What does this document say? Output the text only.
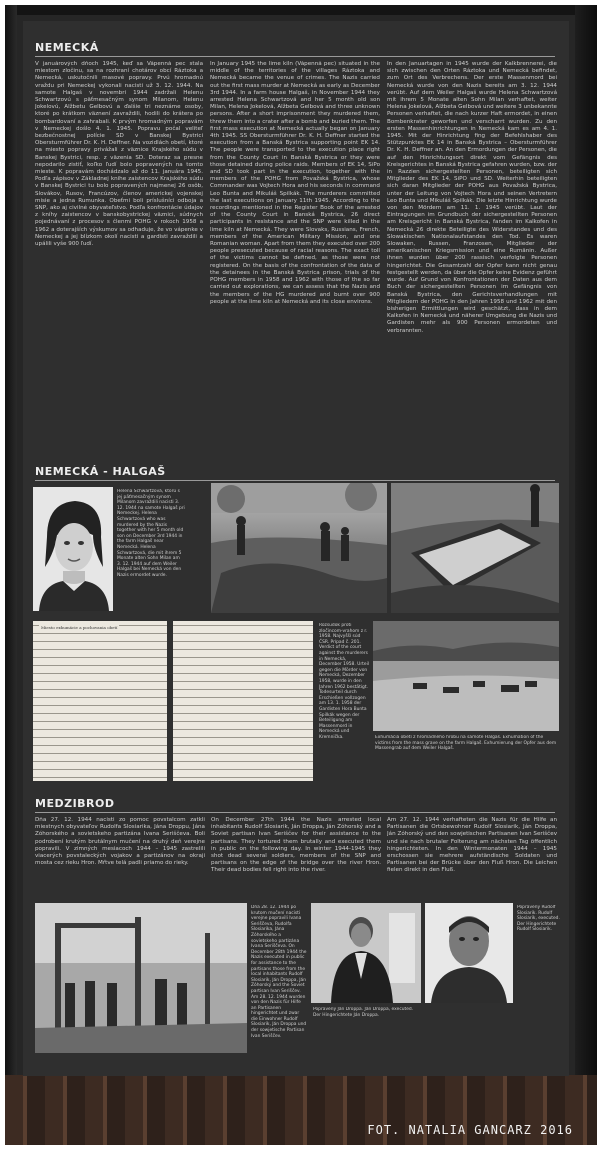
NEMECKÁ

V januárových dňoch 1945, keď sa Vápenná pec stala miestom zločinu, sa na rozhraní chotárov obcí Ráztoka a Nemecká, uskutočnili masové popravy. Prvú hromadnú vraždu pri Nemeckej vykonali nacisti už 3. 12. 1944. Na samote Halgaš v novembri 1944 zadržali Helenu Schwartzovú s päťmesačným synom Milanom, Helenu Jokelovú, Alžbetu Gelbovú a ďalšie tri neznáme osoby, ktoré po krátkom väznení zavraždili, hodili do krátera po bombardovaní a zahrabali. K prvým hromadným popravám v Nemeckej došlo 4. 1. 1945. Popravu počal veliteľ bezbečnostnej polície SD v Banskej Bystrici Obersturmführer Dr. K. H. Deffner. Na vozidlách obetí, ktoré na miesto popravy privážali z väznice Krajského súdu v Banskej Bystrici, resp. z väzenia SD. Doteraz sa presne nepodarilo zistiť, koľko ľudí bolo popravených na tomto mieste. K popravám dochádzalo až do 11. januára 1945. Podľa zápisov v Základnej knihe zaistencov Krajského súdu v Banskej Bystrici tu bolo popravených najmenej 26 osôb, Slovákov, Rusov, Francúzov, členov americkej vojenskej misie a jedna Rumunka. Obeťmi boli príslušníci odboja a SNP, ako aj civilné obyvateľstvo. Podľa konfrontácie údajov z kníhy zaistencov v banskobystrickej väznici, súdnych pojednávaní z procesov s členmi POHG v rokoch 1958 a 1962 a doterajších výskumov sa odhaduje, že vo vápenke v Nemeckej a jej blízkom okolí nacisti a gardisti zavraždili a upálili vyše 900 ľudí.

In January 1945 the lime kiln (Vápenná pec) situated in the middle of the territories of the villages Ráztoka and Nemecká became the venue of crimes. The Nazis carried out the first mass murder at Nemecká as early as December 3rd 1944. In a farm house Halgaš, in November 1944 they arrested Helena Schwartzová and her 5 month old son Milan, Helena Jokelová, Alžbeta Gelbová and three unknown persons. After a short imprisonment they murdered them, threw them into a crater after a bomb and buried them. The first mass execution at Nemecká actually began on January 4th 1945. SS Obersturmführer Dr. K. H. Deffner started the execution from a Banská Bystrica supporting point EK 14. The people were transported to the execution place right from the County Court in Banská Bystrica or they were those detained during police raids. Members of EK 14, SiPo and SD took part in the execution, together with the members of the POHG from Považská Bystrica, whose Commander was Vojtech Hora and his seconds in command Leo Bunta and Mikuláš Spilkák. The murderers committed the last executions on January 11th 1945. According to the recordings mentioned in the Register Book of the arrested of the County Court in Banská Bystrica, 26 direct participants in resistance and the SNP were killed in the lime kiln at Nemecká. They were Slovaks, Russians, French, members of the American Military Mission, and one Romanian woman. Apart from them they executed over 200 people presecuted because of racial reasons. The exact toll of the victims cannot be defined, as those were not registered. On the basis of the confrontation of the data of the detainees in the Banská Bystrica prison, trials of the POHG members in 1958 and 1962 with those of the so far carried out explorations, we can assess that the Nazis and the members of the HG murdered and burnt over 900 people at the lime kiln at Nemecká and its close environs.

In den Januartagen in 1945 wurde der Kalkbrennerei, die sich zwischen den Orten Ráztoka und Nemecká befindet, zum Ort des Verbrechens. Der erste Massenmord bei Nemecká wurde von den Nazis bereits am 3. 12. 1944 verübt. Auf dem Weiler Halgaš wurde Helena Schwartzová mit ihrem 5 Monate alten Sohn Milan verhaftet, weiter Helena Jokelová, Alžbeta Gelbová und weitere 3 unbekannte Personen verhaftet, die nach kurzer Haft ermordet, in einen Bombenkrater geworfen und verscharrt wurden. Zu den ersten Massenhinrichtungen in Nemecká kam es am 4. 1. 1945. Mit der Hinrichtung fing der Befehlshaber des Stützpunktes EK 14 in Banská Bystrica – Obersturmführer Dr. K. H. Deffner an. An den Ermordungen der Personen, die auf den Hinrichtungsort direkt vom Gefängnis des Kreisgerichtes in Banská Bystrica gefahren wurden, bzw. der in Razzien sichergestellten Personen, beteiligten sich Mitglieder des EK 14, SiPO und SD. Weiterhin beteiligten sich daran Mitglieder der POHG aus Považská Bystrica, unter der Leitung von Vojtech Hora und seinen Vertretern Leo Bunta und Mikuláš Spilkák. Die letzte Hinrichtung wurde von den Mördern am 11. 1. 1945 verübt. Laut der Eintragungen im Grundbuch der sichergestellten Personen am Kreisgericht in Banská Bystrica, fanden im Kalkofen in Nemecká 26 direkte Beteiligte des Widerstandes und des Slowakischen Nationalaufstandes den Tod. Es waren Slowaken, Russen, Franzosen, Mitglieder der amerikanischen Kriegsmission und eine Rumänin. Außer ihnen wurden über 200 rassisch verfolgte Personen hingerichtet. Die Gesamtzahl der Opfer kann nicht genau festgestellt werden, da über die Opfer keine Evidenz geführt wurde. Auf Grund von Konfrontationen der Daten aus dem Buch der sichergestellten Personen im Gefängnis von Banská Bystrica, den Gerichtsverhandlungen mit Mitgliedern der POHG in den Jahren 1958 und 1962 mit den bisherigen Ermittlungen wird geschätzt, dass in dem Kalkofen in Nemecká und näherer Umgebung die Nazis und Gardisten mehr als 900 Personen ermordeten und verbrannten.

NEMECKÁ - HALGAŠ
Helena Schwartzová, ktorú s jej päťmesačným synom Milanom zavraždili nacisti 3. 12. 1944 na samote Halgaš pri Nemeckej. Helena Schwartzová who was murdered by the Nazis together with her 5 month old son on December 3rd 1944 in the farm Halgaš near Nemecká. Helena Schwartzová, die mit ihrem 5 Monate alten Sohn Milan am 3. 12. 1944 auf dem Weiler Halgaš bei Nemecká von den Nazis ermordet wurde.
Miesto exhumácie a pochovania obetí	Rozsudok proti zločincom-vrahom z r. 1958. Najvyšší súd ČSR. Prípad č. 201. Verdict of the court against the murderers in Nemecká, December 1958. Urteil gegen die Mörder von Nemecká, Dezember 1958, wurde in den Jahren 1962 bestätigt. Todesurteil durch Erschießen vollzogen am 13. 1. 1958 der Gardisten Hora Bunta Spilkák wegen der Beteiligung am Massenmord in Nemecká und Kremnička.	Exhumácia obetí z hromadného hrobu na samote Halgaš. Exhumation of the victims from the mass grave on the farm Halgaš. Exhumierung der Opfer aus dem Massengrab auf dem Weiler Halgaš.
MEDZIBROD

Dňa 27. 12. 1944 nacisti zo pomoc povstalcom zatkli miestnych obyvateľov Rudolfa Slosiarika, Jána Droppu, Jána Zóhorského a sovietskeho partizána Ivana Seriščeva. Boli podrobení krutým brutálnym mučení na druhý deň verejne popravili. V zimných mesiacoch 1944 – 1945 zastrelili viacerých povstaleckých vojakov a partizánov na okraji mosta cez rieku Hron. Mŕtve telá padli priamo do rieky.

On December 27th 1944 the Nazis arrested local inhabitants Rudolf Slosiarik, Ján Droppa, Ján Zóhorský and a Soviet partisan Ivan Seriščev for their assistance to the partisans. They tortured them brutally and executed them in public on the following day. In winter 1944-1945 they shot dead several soldiers, members of the SNP and partisans on the edge of the bridge over the river Hron. Their dead bodies fell right into the river.

Am 27. 12. 1944 verhafteten die Nazis für die Hilfe an Partisanen die Ortsbewohner Rudolf Slosiarik, Ján Droppa, Ján Zóhorský und den sowjetischen Partisanen Ivan Seriščev und sie nach brutaler Folterung am nächsten Tag öffentlich hingerichteten. In den Wintermonaten 1944 – 1945 erschossen sie mehrere aufständische Soldaten und Partisanen bei der Brücke über den Fluß Hron. Die Leichen fielen direkt in den Fluß.

Dňa 28. 12. 1944 po krutom mučení nacisti verejne popravili Ivana Seriščeva, Rudolfa Slosiarika, Jána Zóhorského a sovietskeho partizána Ivana Seriščeva. On December 28th 1944 the Nazis executed in public for assistance to the partisans those from the local inhabitants Rudolf Slosiarik, Ján Droppa, Ján Zóhorský and the Soviet partisan Ivan Seriščev. Am 28. 12. 1944 wurden von den Nazis für Hilfe an Partisanen hingerichtet und zwar die Einwohner Rudolf Slosiarik, Ján Droppa und der sowjetische Partisan Ivan Seriščev.
Popravený Ján Droppa. Ján Droppa, executed. Der Hingerichtete Ján Droppa.
Popravený Rudolf Slosiarik. Rudolf Slosiarik, executed. Der Hingerichtete Rudolf Slosiarik.
FOT. NATALIA GANCARZ 2016
